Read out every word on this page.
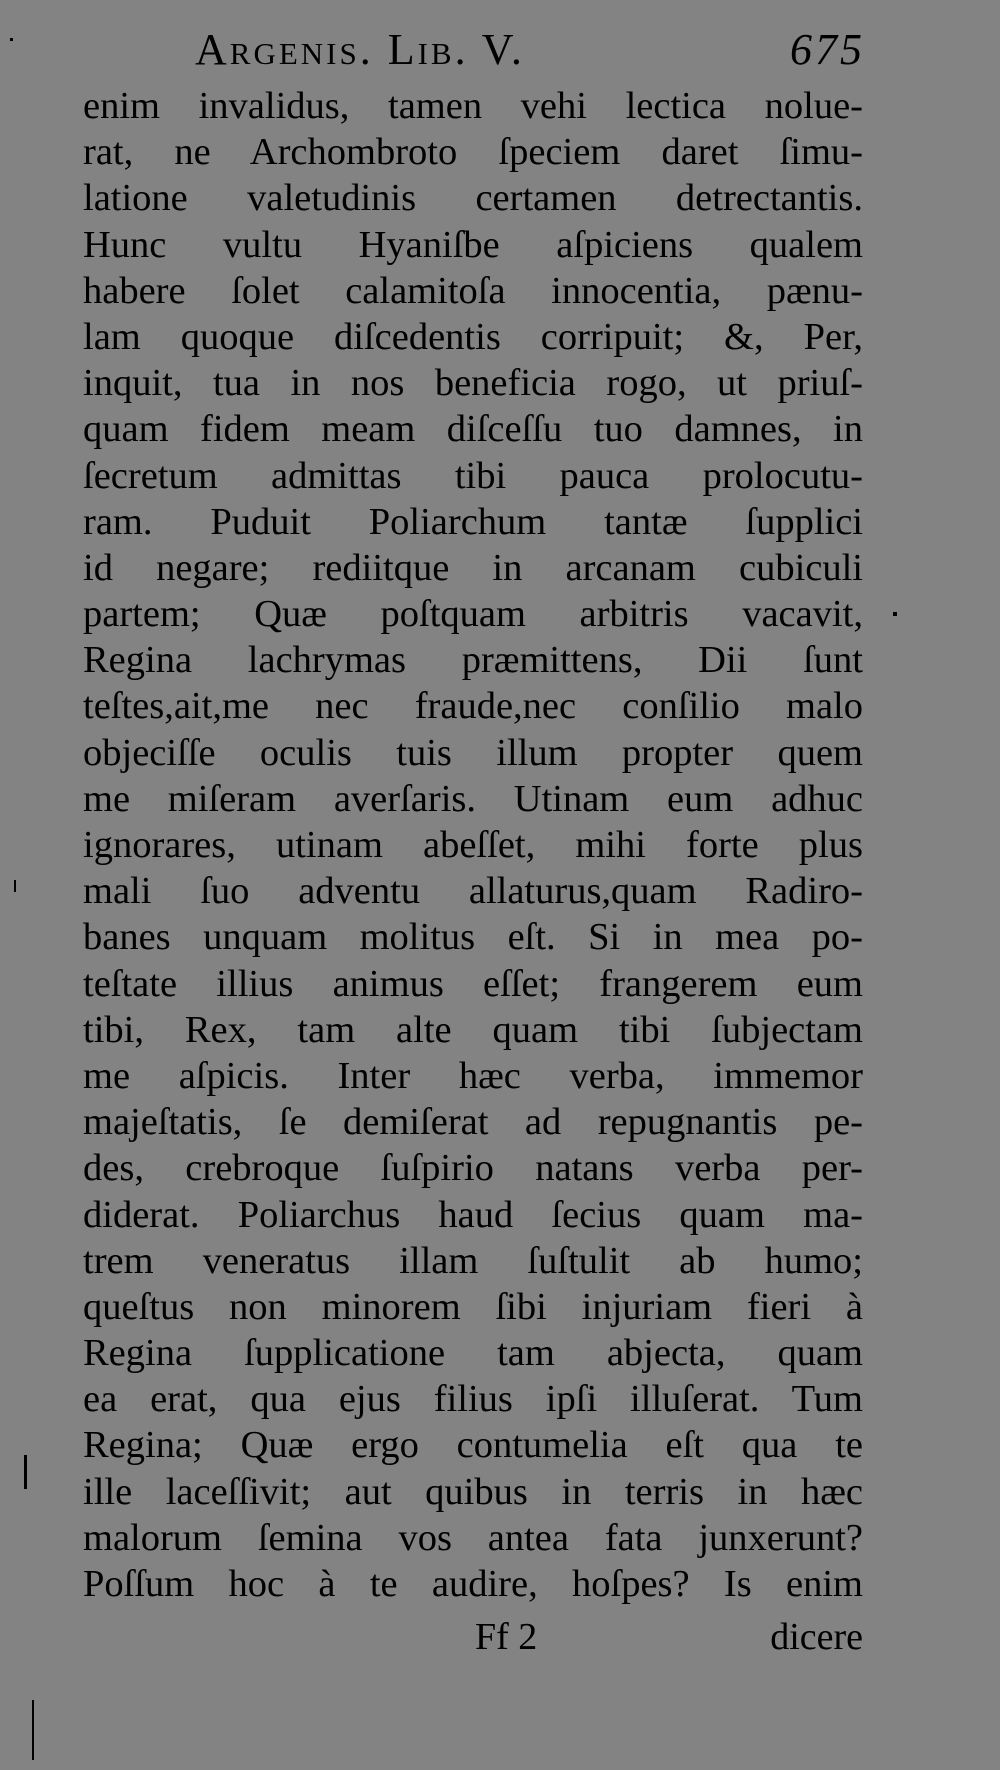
Argenis. Lib. V.	675
enim invalidus, tamen vehi lectica nolue-
rat, ne Archombroto ſpeciem daret ſimu-
latione valetudinis certamen detrectantis.
Hunc vultu Hyaniſbe aſpiciens qualem
habere ſolet calamitoſa innocentia, pænu-
lam quoque diſcedentis corripuit; &, Per,
inquit, tua in nos beneficia rogo, ut priuſ-
quam fidem meam diſceſſu tuo damnes, in
ſecretum admittas tibi pauca prolocutu-
ram. Puduit Poliarchum tantæ ſupplici
id negare; rediitque in arcanam cubiculi
partem; Quæ poſtquam arbitris vacavit,
Regina lachrymas præmittens, Dii ſunt
teſtes,ait,me nec fraude,nec conſilio malo
objeciſſe oculis tuis illum propter quem
me miſeram averſaris. Utinam eum adhuc
ignorares, utinam abeſſet, mihi forte plus
mali ſuo adventu allaturus,quam Radiro-
banes unquam molitus eſt. Si in mea po-
teſtate illius animus eſſet; frangerem eum
tibi, Rex, tam alte quam tibi ſubjectam
me aſpicis. Inter hæc verba, immemor
majeſtatis, ſe demiſerat ad repugnantis pe-
des, crebroque ſuſpirio natans verba per-
diderat. Poliarchus haud ſecius quam ma-
trem veneratus illam ſuſtulit ab humo;
queſtus non minorem ſibi injuriam fieri à
Regina ſupplicatione tam abjecta, quam
ea erat, qua ejus filius ipſi illuſerat. Tum
Regina; Quæ ergo contumelia eſt qua te
ille laceſſivit; aut quibus in terris in hæc
malorum ſemina vos antea fata junxerunt?
Poſſum hoc à te audire, hoſpes? Is enim
Ff 2	dicere
